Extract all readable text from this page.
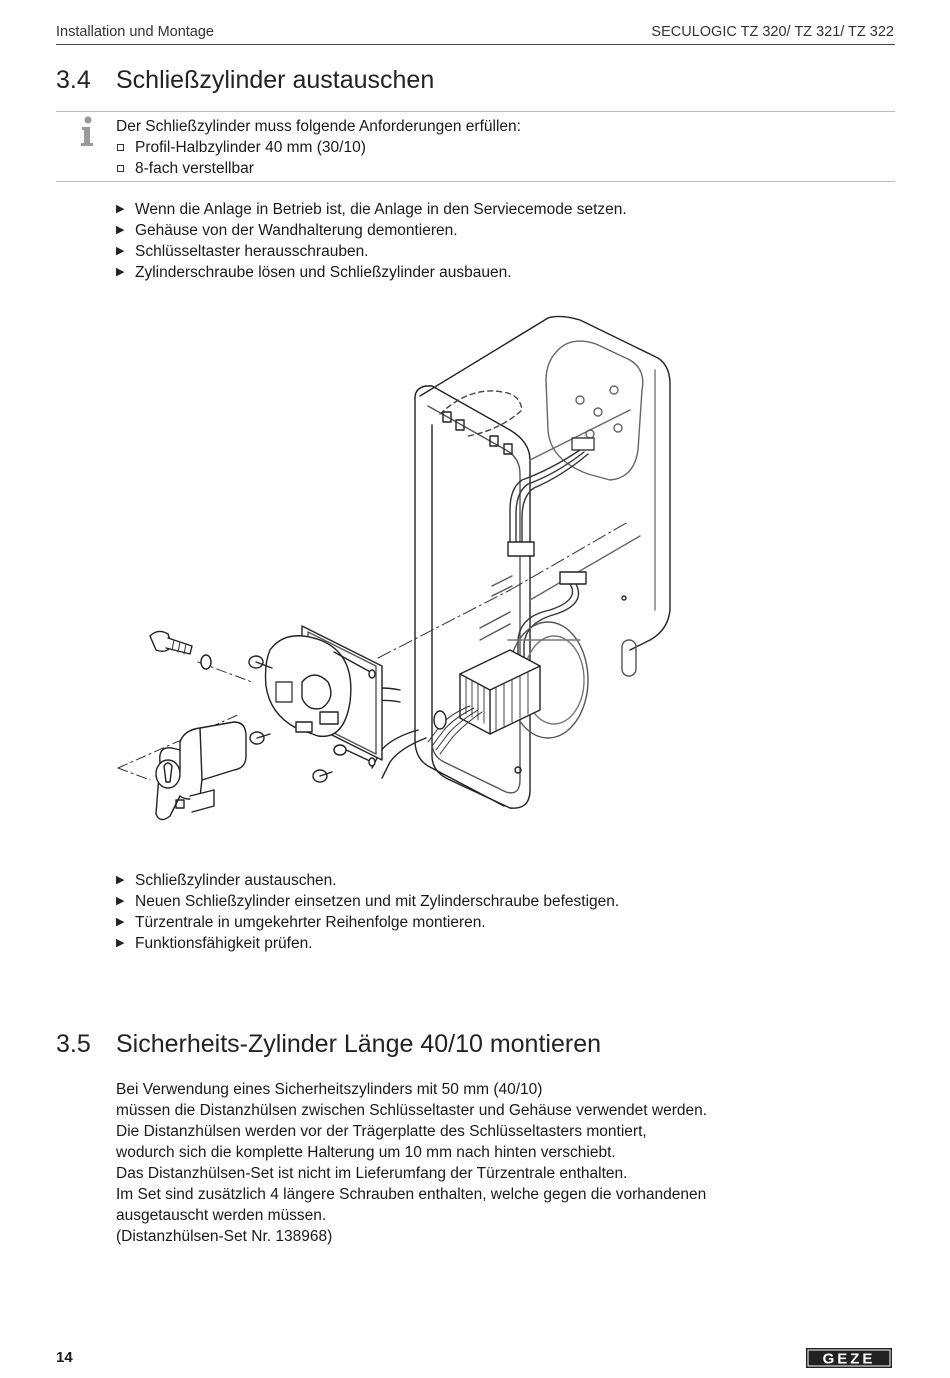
Installation und Montage	SECULOGIC TZ 320/ TZ 321/ TZ 322
3.4 Schließzylinder austauschen
Der Schließzylinder muss folgende Anforderungen erfüllen:
Profil-Halbzylinder 40 mm (30/10)
8-fach verstellbar
▶ Wenn die Anlage in Betrieb ist, die Anlage in den Serviecemode setzen.
▶ Gehäuse von der Wandhalterung demontieren.
▶ Schlüsseltaster herausschrauben.
▶ Zylinderschraube lösen und Schließzylinder ausbauen.
▶ Schließzylinder austauschen.
▶ Neuen Schließzylinder einsetzen und mit Zylinderschraube befestigen.
▶ Türzentrale in umgekehrter Reihenfolge montieren.
▶ Funktionsfähigkeit prüfen.
3.5 Sicherheits-Zylinder Länge 40/10 montieren
Bei Verwendung eines Sicherheitszylinders mit 50 mm (40/10)
müssen die Distanzhülsen zwischen Schlüsseltaster und Gehäuse verwendet werden.
Die Distanzhülsen werden vor der Trägerplatte des Schlüsseltasters montiert,
wodurch sich die komplette Halterung um 10 mm nach hinten verschiebt.
Das Distanzhülsen-Set ist nicht im Lieferumfang der Türzentrale enthalten.
Im Set sind zusätzlich 4 längere Schrauben enthalten, welche gegen die vorhandenen
ausgetauscht werden müssen.
(Distanzhülsen-Set Nr. 138968)
14	GEZE
